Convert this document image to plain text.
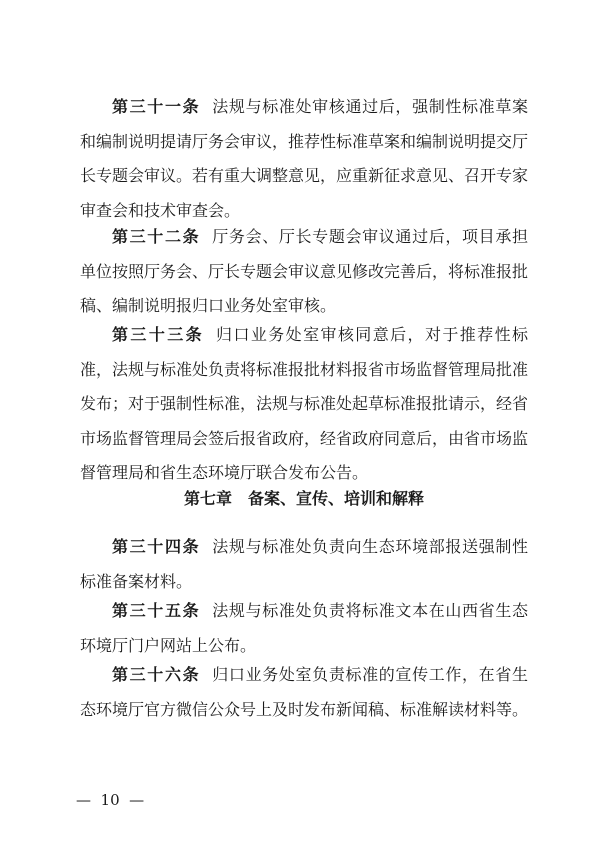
第三十一条 法规与标准处审核通过后，强制性标准草案和编制说明提请厅务会审议，推荐性标准草案和编制说明提交厅长专题会审议。若有重大调整意见，应重新征求意见、召开专家审查会和技术审查会。

第三十二条 厅务会、厅长专题会审议通过后，项目承担单位按照厅务会、厅长专题会审议意见修改完善后，将标准报批稿、编制说明报归口业务处室审核。

第三十三条 归口业务处室审核同意后，对于推荐性标准，法规与标准处负责将标准报批材料报省市场监督管理局批准发布；对于强制性标准，法规与标准处起草标准报批请示，经省市场监督管理局会签后报省政府，经省政府同意后，由省市场监督管理局和省生态环境厅联合发布公告。

第七章　备案、宣传、培训和解释

第三十四条 法规与标准处负责向生态环境部报送强制性标准备案材料。

第三十五条 法规与标准处负责将标准文本在山西省生态环境厅门户网站上公布。

第三十六条 归口业务处室负责标准的宣传工作，在省生态环境厅官方微信公众号上及时发布新闻稿、标准解读材料等。

—  10  —
